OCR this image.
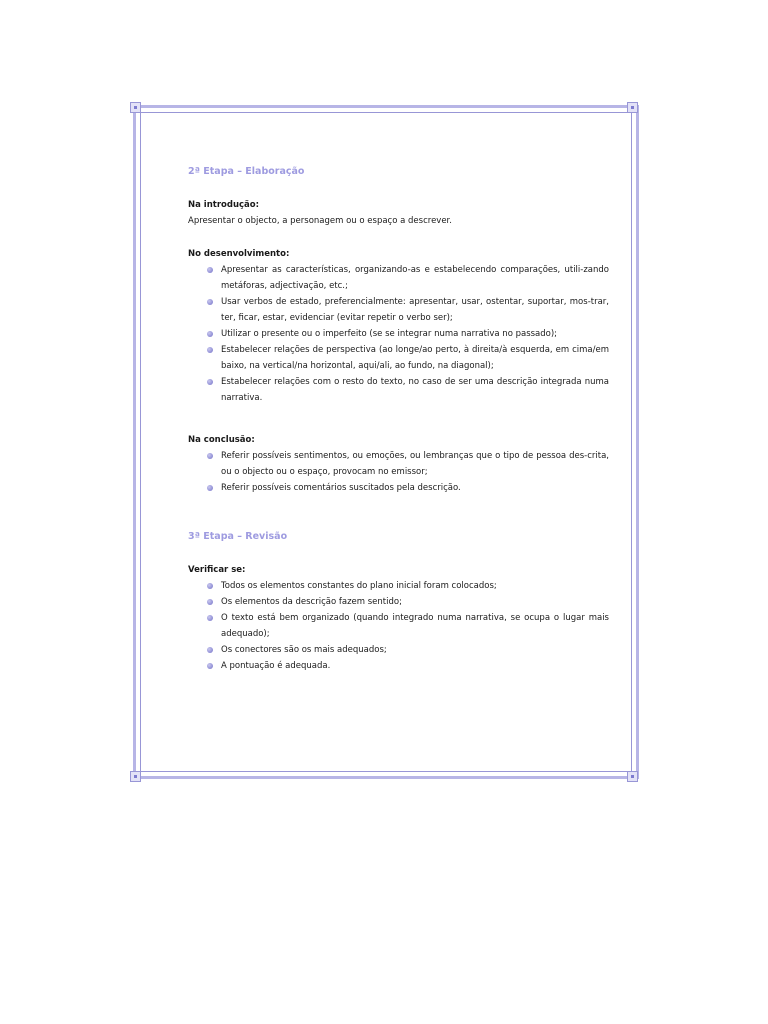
2ª Etapa – Elaboração

Na introdução:

Apresentar o objecto, a personagem ou o espaço a descrever.

No desenvolvimento:

Apresentar as características, organizando-as e estabelecendo comparações, utili-zando metáforas, adjectivação, etc.;
Usar verbos de estado, preferencialmente: apresentar, usar, ostentar, suportar, mos-trar, ter, ficar, estar, evidenciar (evitar repetir o verbo ser);
Utilizar o presente ou o imperfeito (se se integrar numa narrativa no passado);
Estabelecer relações de perspectiva (ao longe/ao perto, à direita/à esquerda, em cima/em baixo, na vertical/na horizontal, aqui/ali, ao fundo, na diagonal);
Estabelecer relações com o resto do texto, no caso de ser uma descrição integrada numa narrativa.

Na conclusão:

Referir possíveis sentimentos, ou emoções, ou lembranças que o tipo de pessoa des-crita, ou o objecto ou o espaço, provocam no emissor;
Referir possíveis comentários suscitados pela descrição.
3ª Etapa – Revisão

Verificar se:

Todos os elementos constantes do plano inicial foram colocados;
Os elementos da descrição fazem sentido;
O texto está bem organizado (quando integrado numa narrativa, se ocupa o lugar mais adequado);
Os conectores são os mais adequados;
A pontuação é adequada.
